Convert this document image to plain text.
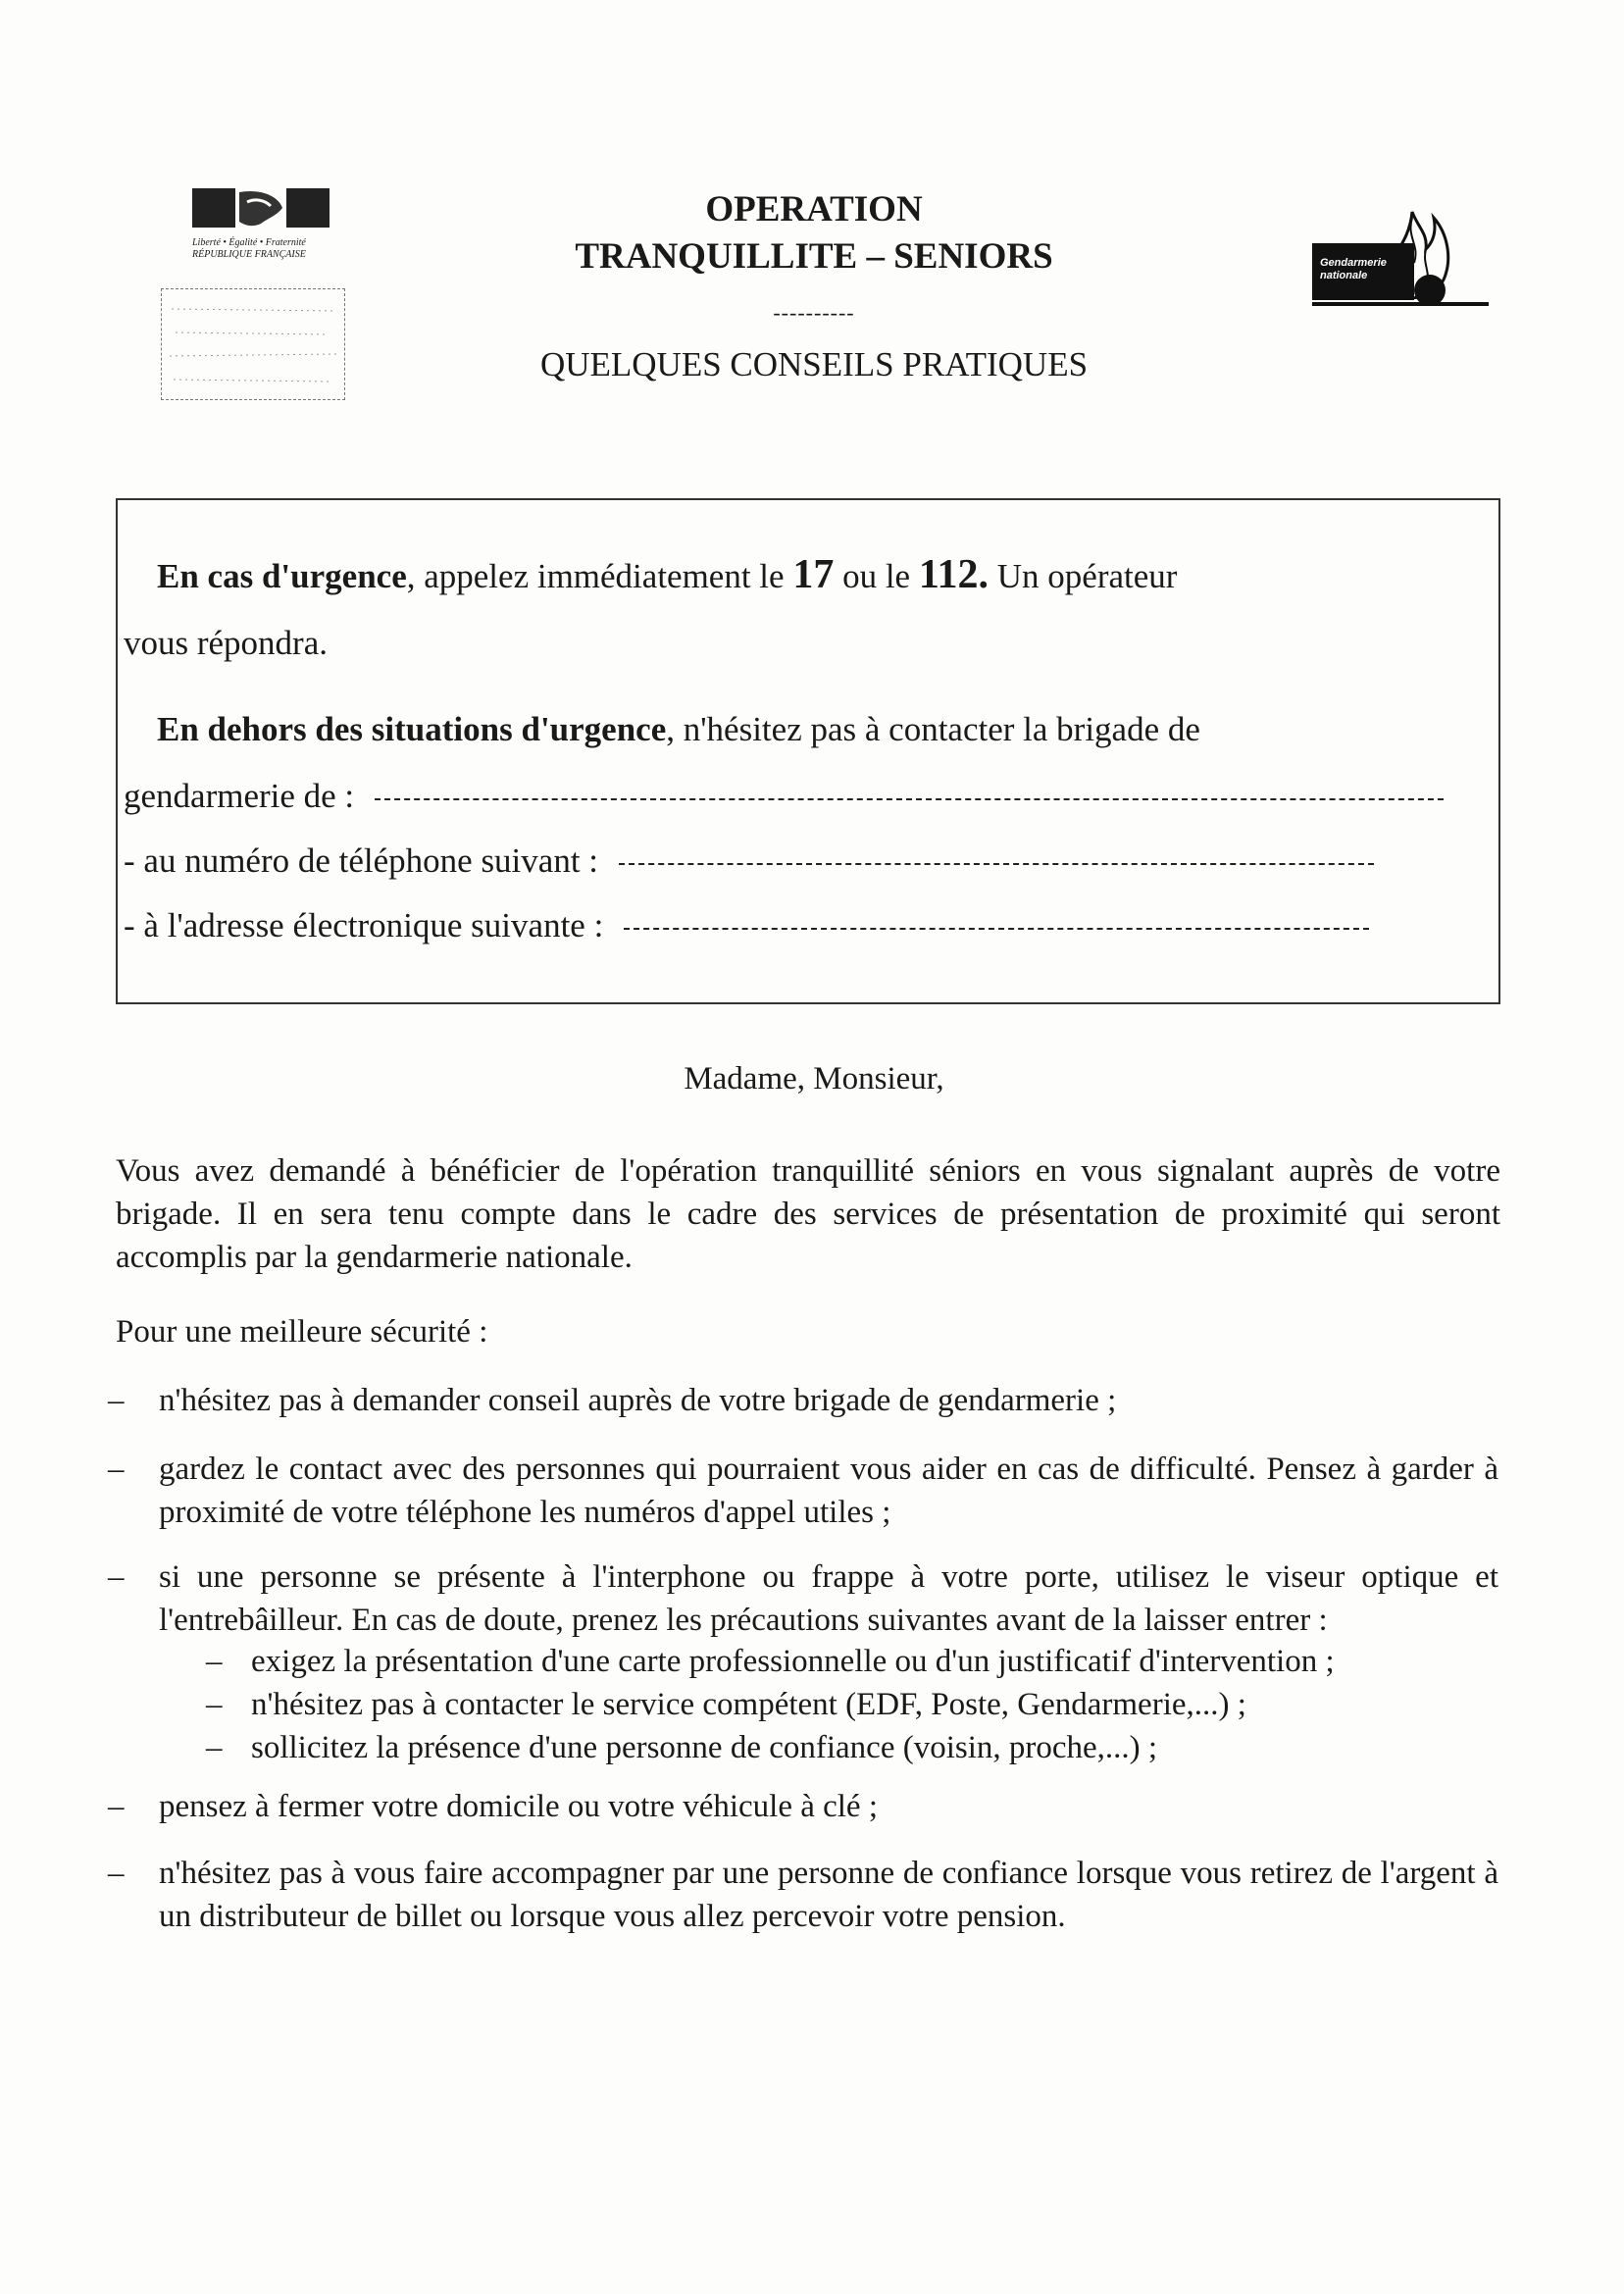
Liberté • Égalité • Fraternité
RÉPUBLIQUE FRANÇAISE
OPERATION
TRANQUILLITE – SENIORS
----------
QUELQUES CONSEILS PRATIQUES
Gendarmerie
nationale
En cas d'urgence, appelez immédiatement le 17 ou le 112. Un opérateur
vous répondra.
En dehors des situations d'urgence, n'hésitez pas à contacter la brigade de
gendarmerie de :
- au numéro de téléphone suivant :
- à l'adresse électronique suivante :
Madame, Monsieur,
Vous avez demandé à bénéficier de l'opération tranquillité séniors en vous signalant auprès de votre brigade. Il en sera tenu compte dans le cadre des services de présentation de proximité qui seront accomplis par la gendarmerie nationale.
Pour une meilleure sécurité :
– n'hésitez pas à demander conseil auprès de votre brigade de gendarmerie ;
– gardez le contact avec des personnes qui pourraient vous aider en cas de difficulté. Pensez à garder à proximité de votre téléphone les numéros d'appel utiles ;
– si une personne se présente à l'interphone ou frappe à votre porte, utilisez le viseur optique et l'entrebâilleur. En cas de doute, prenez les précautions suivantes avant de la laisser entrer :
– exigez la présentation d'une carte professionnelle ou d'un justificatif d'intervention ;
– n'hésitez pas à contacter le service compétent (EDF, Poste, Gendarmerie,...) ;
– sollicitez la présence d'une personne de confiance (voisin, proche,...) ;
– pensez à fermer votre domicile ou votre véhicule à clé ;
– n'hésitez pas à vous faire accompagner par une personne de confiance lorsque vous retirez de l'argent à un distributeur de billet ou lorsque vous allez percevoir votre pension.
